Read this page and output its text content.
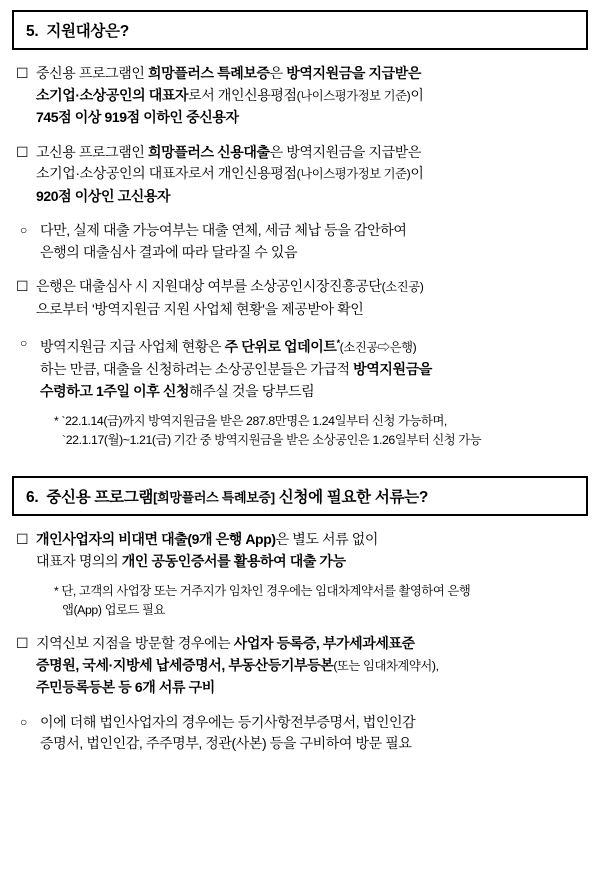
5. 지원대상은?
☐ 중신용 프로그램인 희망플러스 특례보증은 방역지원금을 지급받은
소기업·소상공인의 대표자로서 개인신용평점(나이스평가정보 기준)이
745점 이상 919점 이하인 중신용자
☐ 고신용 프로그램인 희망플러스 신용대출은 방역지원금을 지급받은
소기업·소상공인의 대표자로서 개인신용평점(나이스평가정보 기준)이
920점 이상인 고신용자
○ 다만, 실제 대출 가능여부는 대출 연체, 세금 체납 등을 감안하여
은행의 대출심사 결과에 따라 달라질 수 있음
☐ 은행은 대출심사 시 지원대상 여부를 소상공인시장진흥공단(소진공)
으로부터 '방역지원금 지원 사업체 현황'을 제공받아 확인
○ 방역지원금 지급 사업체 현황은 주 단위로 업데이트*(소진공⇨은행)
하는 만큼, 대출을 신청하려는 소상공인분들은 가급적 방역지원금을
수령하고 1주일 이후 신청해주실 것을 당부드림
* `22.1.14(금)까지 방역지원금을 받은 287.8만명은 1.24일부터 신청 가능하며,
`22.1.17(월)~1.21(금) 기간 중 방역지원금을 받은 소상공인은 1.26일부터 신청 가능
6. 중신용 프로그램[희망플러스 특례보증] 신청에 필요한 서류는?
☐ 개인사업자의 비대면 대출(9개 은행 App)은 별도 서류 없이
대표자 명의의 개인 공동인증서를 활용하여 대출 가능
* 단, 고객의 사업장 또는 거주지가 임차인 경우에는 임대차계약서를 촬영하여 은행
앱(App) 업로드 필요
☐ 지역신보 지점을 방문할 경우에는 사업자 등록증, 부가세과세표준
증명원, 국세·지방세 납세증명서, 부동산등기부등본(또는 임대차계약서),
주민등록등본 등 6개 서류 구비
○ 이에 더해 법인사업자의 경우에는 등기사항전부증명서, 법인인감
증명서, 법인인감, 주주명부, 정관(사본) 등을 구비하여 방문 필요
